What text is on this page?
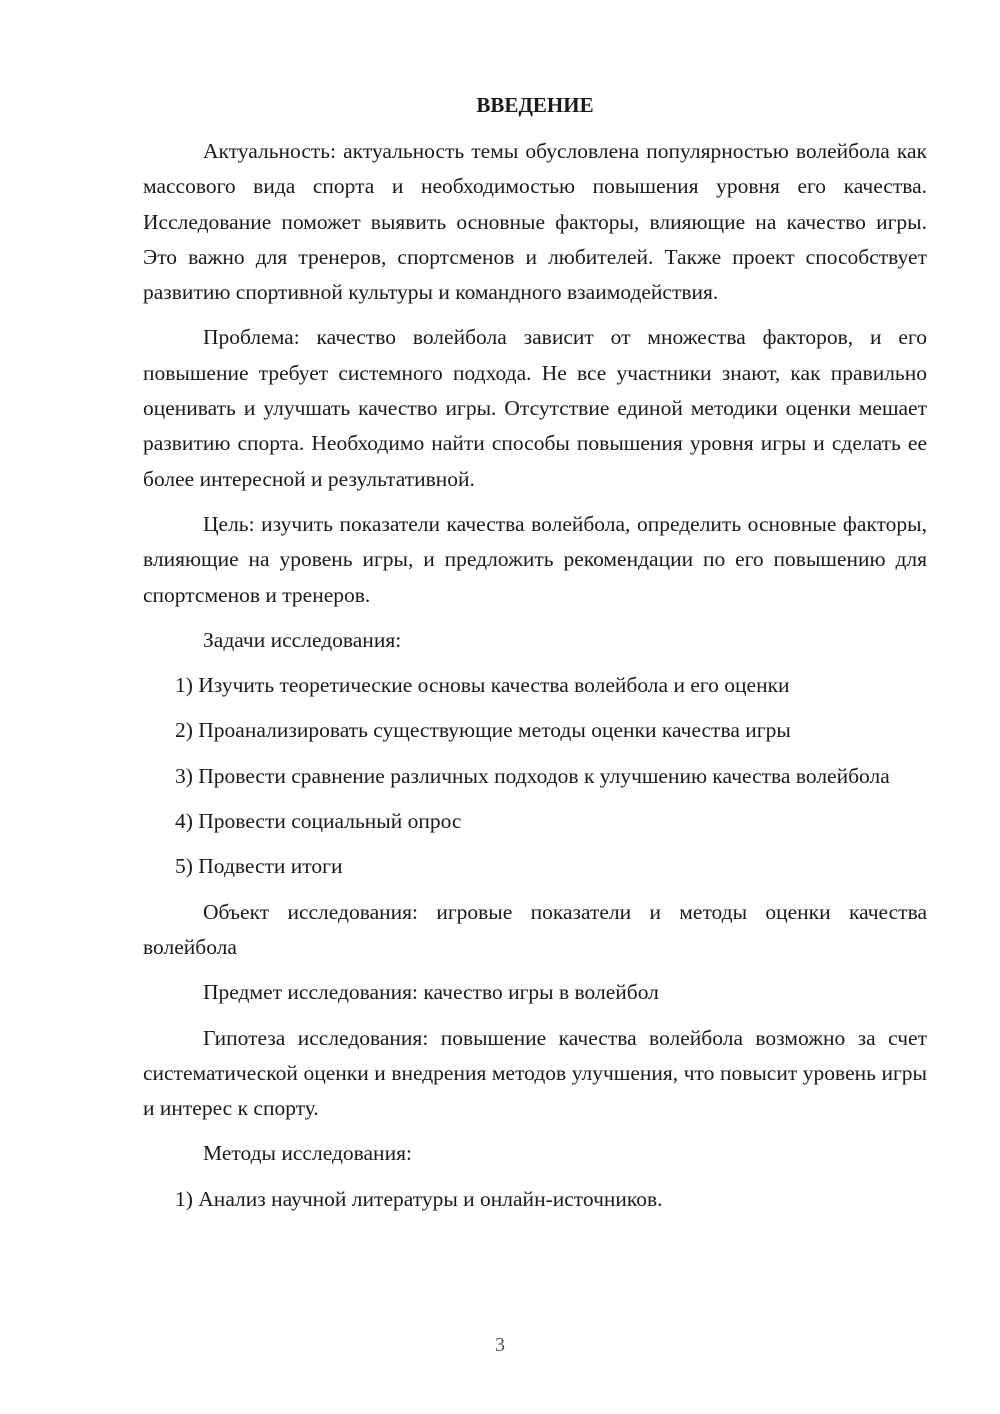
ВВЕДЕНИЕ

Актуальность: актуальность темы обусловлена популярностью волейбола как массового вида спорта и необходимостью повышения уровня его качества. Исследование поможет выявить основные факторы, влияющие на качество игры. Это важно для тренеров, спортсменов и любителей. Также проект способствует развитию спортивной культуры и командного взаимодействия.

Проблема: качество волейбола зависит от множества факторов, и его повышение требует системного подхода. Не все участники знают, как правильно оценивать и улучшать качество игры. Отсутствие единой методики оценки мешает развитию спорта. Необходимо найти способы повышения уровня игры и сделать ее более интересной и результативной.

Цель: изучить показатели качества волейбола, определить основные факторы, влияющие на уровень игры, и предложить рекомендации по его повышению для спортсменов и тренеров.

Задачи исследования:

1) Изучить теоретические основы качества волейбола и его оценки

2) Проанализировать существующие методы оценки качества игры

3) Провести сравнение различных подходов к улучшению качества волейбола

4) Провести социальный опрос

5) Подвести итоги

Объект исследования: игровые показатели и методы оценки качества волейбола

Предмет исследования: качество игры в волейбол

Гипотеза исследования: повышение качества волейбола возможно за счет систематической оценки и внедрения методов улучшения, что повысит уровень игры и интерес к спорту.

Методы исследования:

1) Анализ научной литературы и онлайн-источников.

3
